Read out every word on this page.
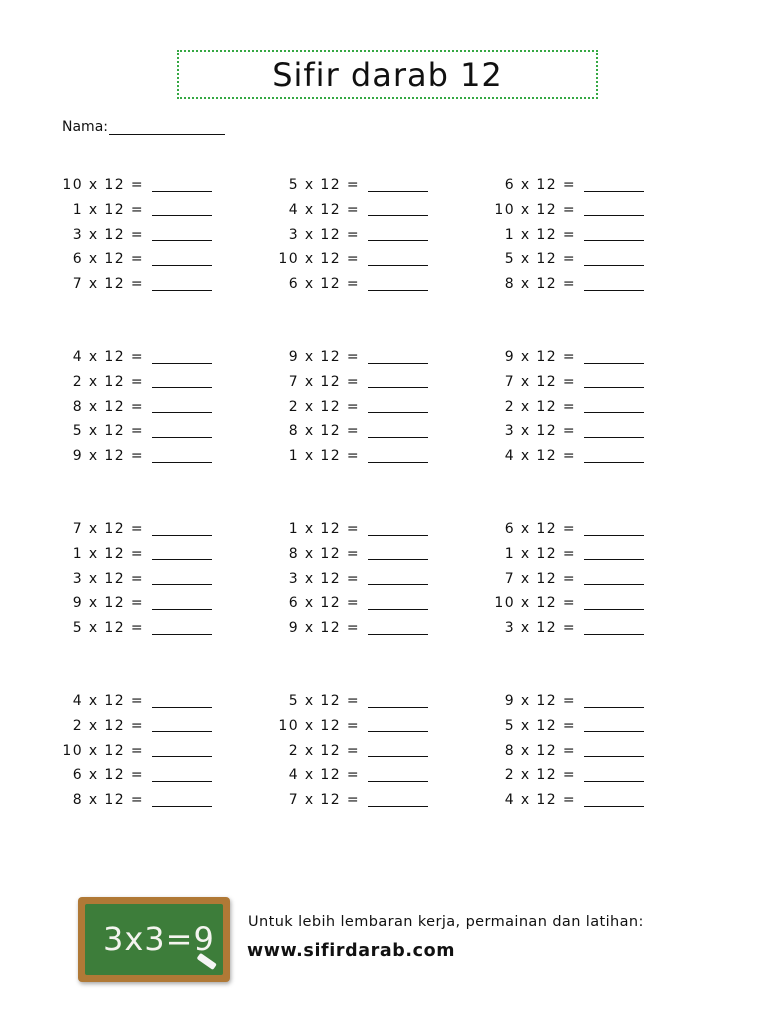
Sifir darab 12
Nama:
10 x 12 =
1 x 12 =
3 x 12 =
6 x 12 =
7 x 12 =
4 x 12 =
2 x 12 =
8 x 12 =
5 x 12 =
9 x 12 =
7 x 12 =
1 x 12 =
3 x 12 =
9 x 12 =
5 x 12 =
4 x 12 =
2 x 12 =
10 x 12 =
6 x 12 =
8 x 12 =
5 x 12 =
4 x 12 =
3 x 12 =
10 x 12 =
6 x 12 =
9 x 12 =
7 x 12 =
2 x 12 =
8 x 12 =
1 x 12 =
1 x 12 =
8 x 12 =
3 x 12 =
6 x 12 =
9 x 12 =
5 x 12 =
10 x 12 =
2 x 12 =
4 x 12 =
7 x 12 =
6 x 12 =
10 x 12 =
1 x 12 =
5 x 12 =
8 x 12 =
9 x 12 =
7 x 12 =
2 x 12 =
3 x 12 =
4 x 12 =
6 x 12 =
1 x 12 =
7 x 12 =
10 x 12 =
3 x 12 =
9 x 12 =
5 x 12 =
8 x 12 =
2 x 12 =
4 x 12 =
3x3=9 Untuk lebih lembaran kerja, permainan dan latihan:
www.sifirdarab.com
